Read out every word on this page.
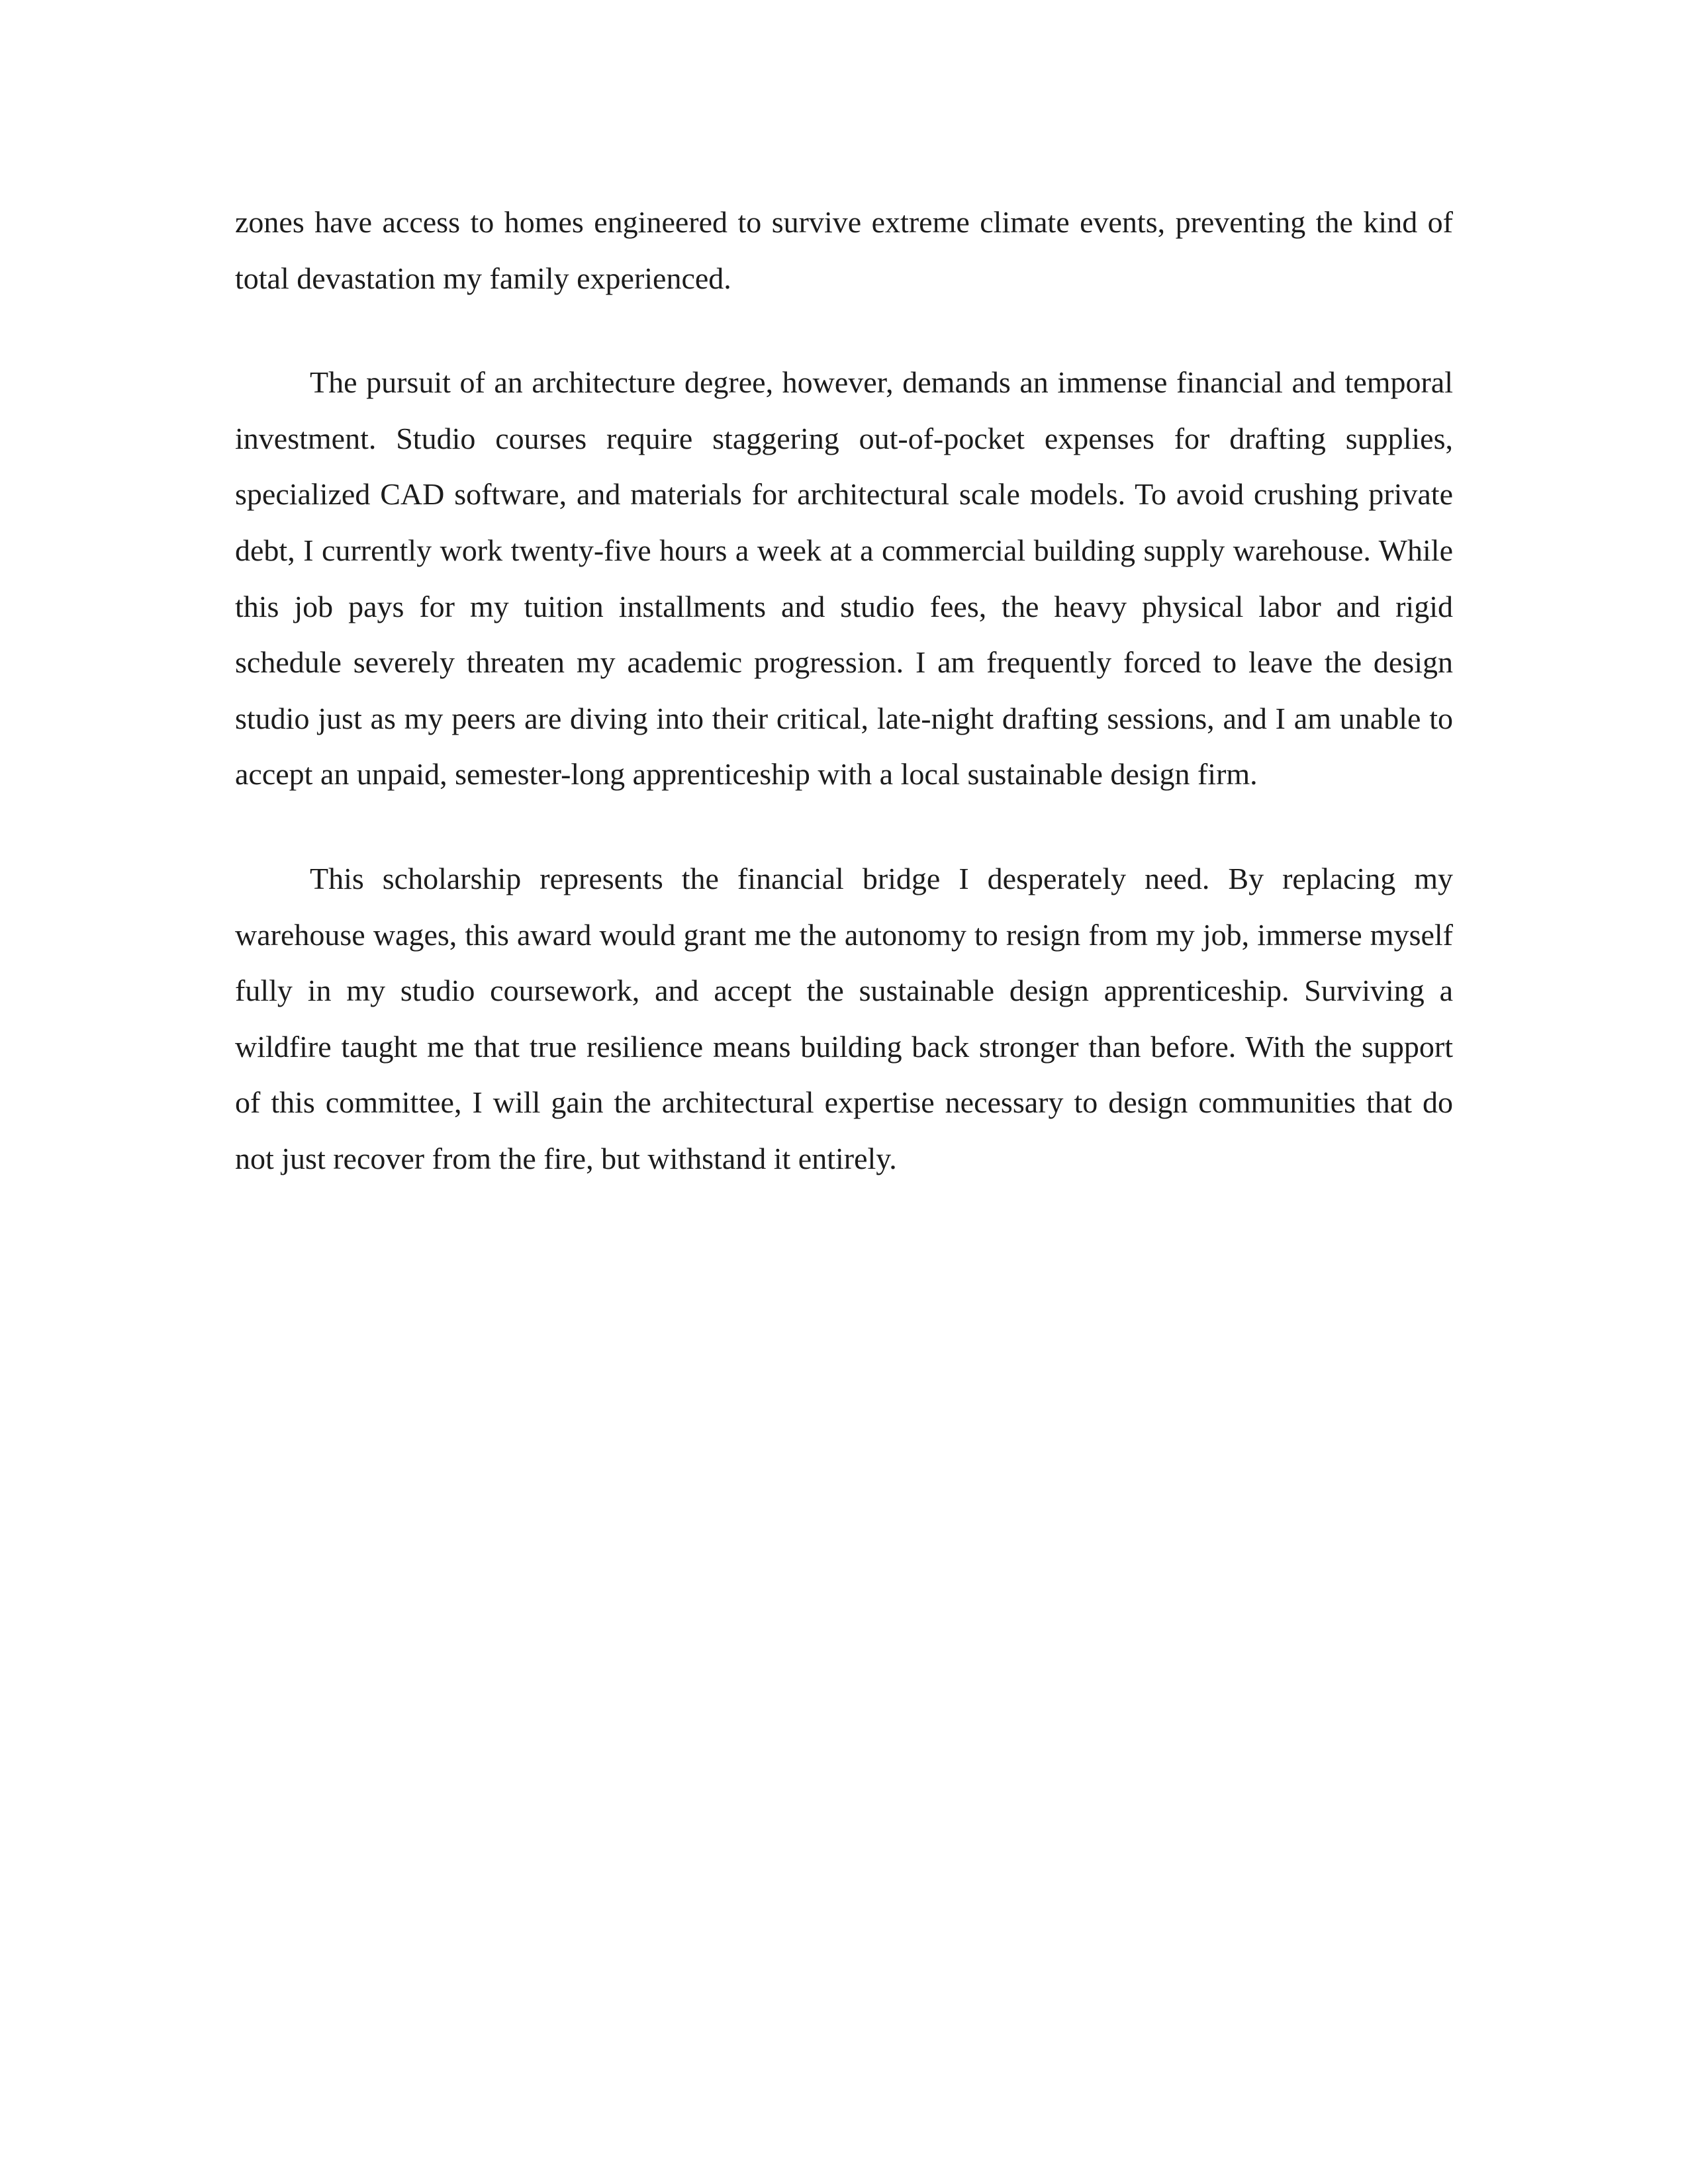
zones have access to homes engineered to survive extreme climate events, preventing the kind of total devastation my family experienced.

The pursuit of an architecture degree, however, demands an immense financial and temporal investment. Studio courses require staggering out-of-pocket expenses for drafting supplies, specialized CAD software, and materials for architectural scale models. To avoid crushing private debt, I currently work twenty-five hours a week at a commercial building supply warehouse. While this job pays for my tuition installments and studio fees, the heavy physical labor and rigid schedule severely threaten my academic progression. I am frequently forced to leave the design studio just as my peers are diving into their critical, late-night drafting sessions, and I am unable to accept an unpaid, semester-long apprenticeship with a local sustainable design firm.

This scholarship represents the financial bridge I desperately need. By replacing my warehouse wages, this award would grant me the autonomy to resign from my job, immerse myself fully in my studio coursework, and accept the sustainable design apprenticeship. Surviving a wildfire taught me that true resilience means building back stronger than before. With the support of this committee, I will gain the architectural expertise necessary to design communities that do not just recover from the fire, but withstand it entirely.
